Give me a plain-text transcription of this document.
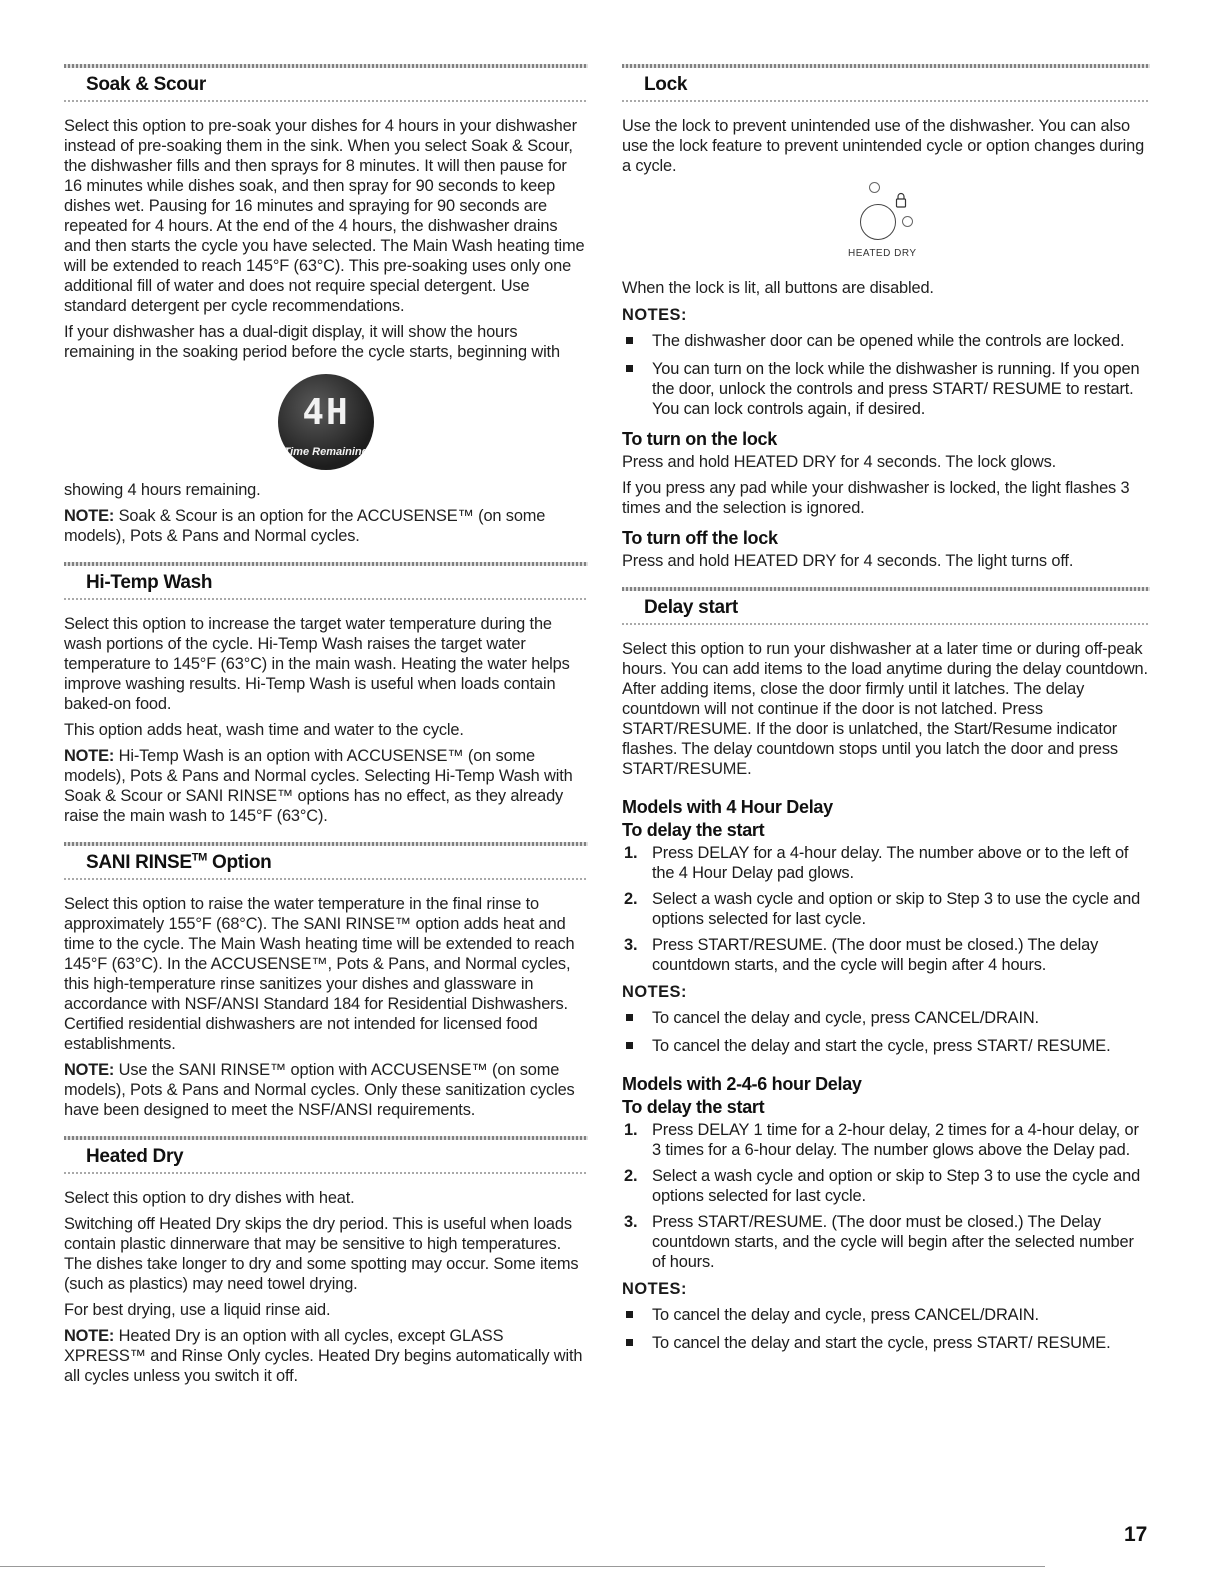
Soak & Scour

Select this option to pre-soak your dishes for 4 hours in your dishwasher instead of pre-soaking them in the sink. When you select Soak & Scour, the dishwasher fills and then sprays for 8 minutes. It will then pause for 16 minutes while dishes soak, and then spray for 90 seconds to keep dishes wet. Pausing for 16 minutes and spraying for 90 seconds are repeated for 4 hours. At the end of the 4 hours, the dishwasher drains and then starts the cycle you have selected. The Main Wash heating time will be extended to reach 145°F (63°C). This pre-soaking uses only one additional fill of water and does not require special detergent. Use standard detergent per cycle recommendations.

If your dishwasher has a dual-digit display, it will show the hours remaining in the soaking period before the cycle starts, beginning with

4H
Time Remaining

showing 4 hours remaining.

NOTE: Soak & Scour is an option for the ACCUSENSE™ (on some models), Pots & Pans and Normal cycles.

Hi-Temp Wash

Select this option to increase the target water temperature during the wash portions of the cycle. Hi-Temp Wash raises the target water temperature to 145°F (63°C) in the main wash. Heating the water helps improve washing results. Hi-Temp Wash is useful when loads contain baked-on food.

This option adds heat, wash time and water to the cycle.

NOTE: Hi-Temp Wash is an option with ACCUSENSE™ (on some models), Pots & Pans and Normal cycles. Selecting Hi-Temp Wash with Soak & Scour or SANI RINSE™ options has no effect, as they already raise the main wash to 145°F (63°C).

SANI RINSE™ Option

Select this option to raise the water temperature in the final rinse to approximately 155°F (68°C). The SANI RINSE™ option adds heat and time to the cycle. The Main Wash heating time will be extended to reach 145°F (63°C). In the ACCUSENSE™, Pots & Pans, and Normal cycles, this high-temperature rinse sanitizes your dishes and glassware in accordance with NSF/ANSI Standard 184 for Residential Dishwashers. Certified residential dishwashers are not intended for licensed food establishments.

NOTE: Use the SANI RINSE™ option with ACCUSENSE™ (on some models), Pots & Pans and Normal cycles. Only these sanitization cycles have been designed to meet the NSF/ANSI requirements.

Heated Dry

Select this option to dry dishes with heat.

Switching off Heated Dry skips the dry period. This is useful when loads contain plastic dinnerware that may be sensitive to high temperatures. The dishes take longer to dry and some spotting may occur. Some items (such as plastics) may need towel drying.

For best drying, use a liquid rinse aid.

NOTE: Heated Dry is an option with all cycles, except GLASS XPRESS™ and Rinse Only cycles. Heated Dry begins automatically with all cycles unless you switch it off.

Lock

Use the lock to prevent unintended use of the dishwasher. You can also use the lock feature to prevent unintended cycle or option changes during a cycle.

HEATED DRY

When the lock is lit, all buttons are disabled.

NOTES:
The dishwasher door can be opened while the controls are locked.
You can turn on the lock while the dishwasher is running. If you open the door, unlock the controls and press START/ RESUME to restart. You can lock controls again, if desired.
To turn on the lock

Press and hold HEATED DRY for 4 seconds. The lock glows.

If you press any pad while your dishwasher is locked, the light flashes 3 times and the selection is ignored.

To turn off the lock

Press and hold HEATED DRY for 4 seconds. The light turns off.

Delay start

Select this option to run your dishwasher at a later time or during off-peak hours. You can add items to the load anytime during the delay countdown. After adding items, close the door firmly until it latches. The delay countdown will not continue if the door is not latched. Press START/RESUME. If the door is unlatched, the Start/Resume indicator flashes. The delay countdown stops until you latch the door and press START/RESUME.

Models with 4 Hour Delay
To delay the start
1. Press DELAY for a 4-hour delay. The number above or to the left of the 4 Hour Delay pad glows.
2. Select a wash cycle and option or skip to Step 3 to use the cycle and options selected for last cycle.
3. Press START/RESUME. (The door must be closed.) The delay countdown starts, and the cycle will begin after 4 hours.
NOTES:
To cancel the delay and cycle, press CANCEL/DRAIN.
To cancel the delay and start the cycle, press START/ RESUME.
Models with 2-4-6 hour Delay
To delay the start
1. Press DELAY 1 time for a 2-hour delay, 2 times for a 4-hour delay, or 3 times for a 6-hour delay. The number glows above the Delay pad.
2. Select a wash cycle and option or skip to Step 3 to use the cycle and options selected for last cycle.
3. Press START/RESUME. (The door must be closed.) The Delay countdown starts, and the cycle will begin after the selected number of hours.
NOTES:
To cancel the delay and cycle, press CANCEL/DRAIN.
To cancel the delay and start the cycle, press START/ RESUME.
17
